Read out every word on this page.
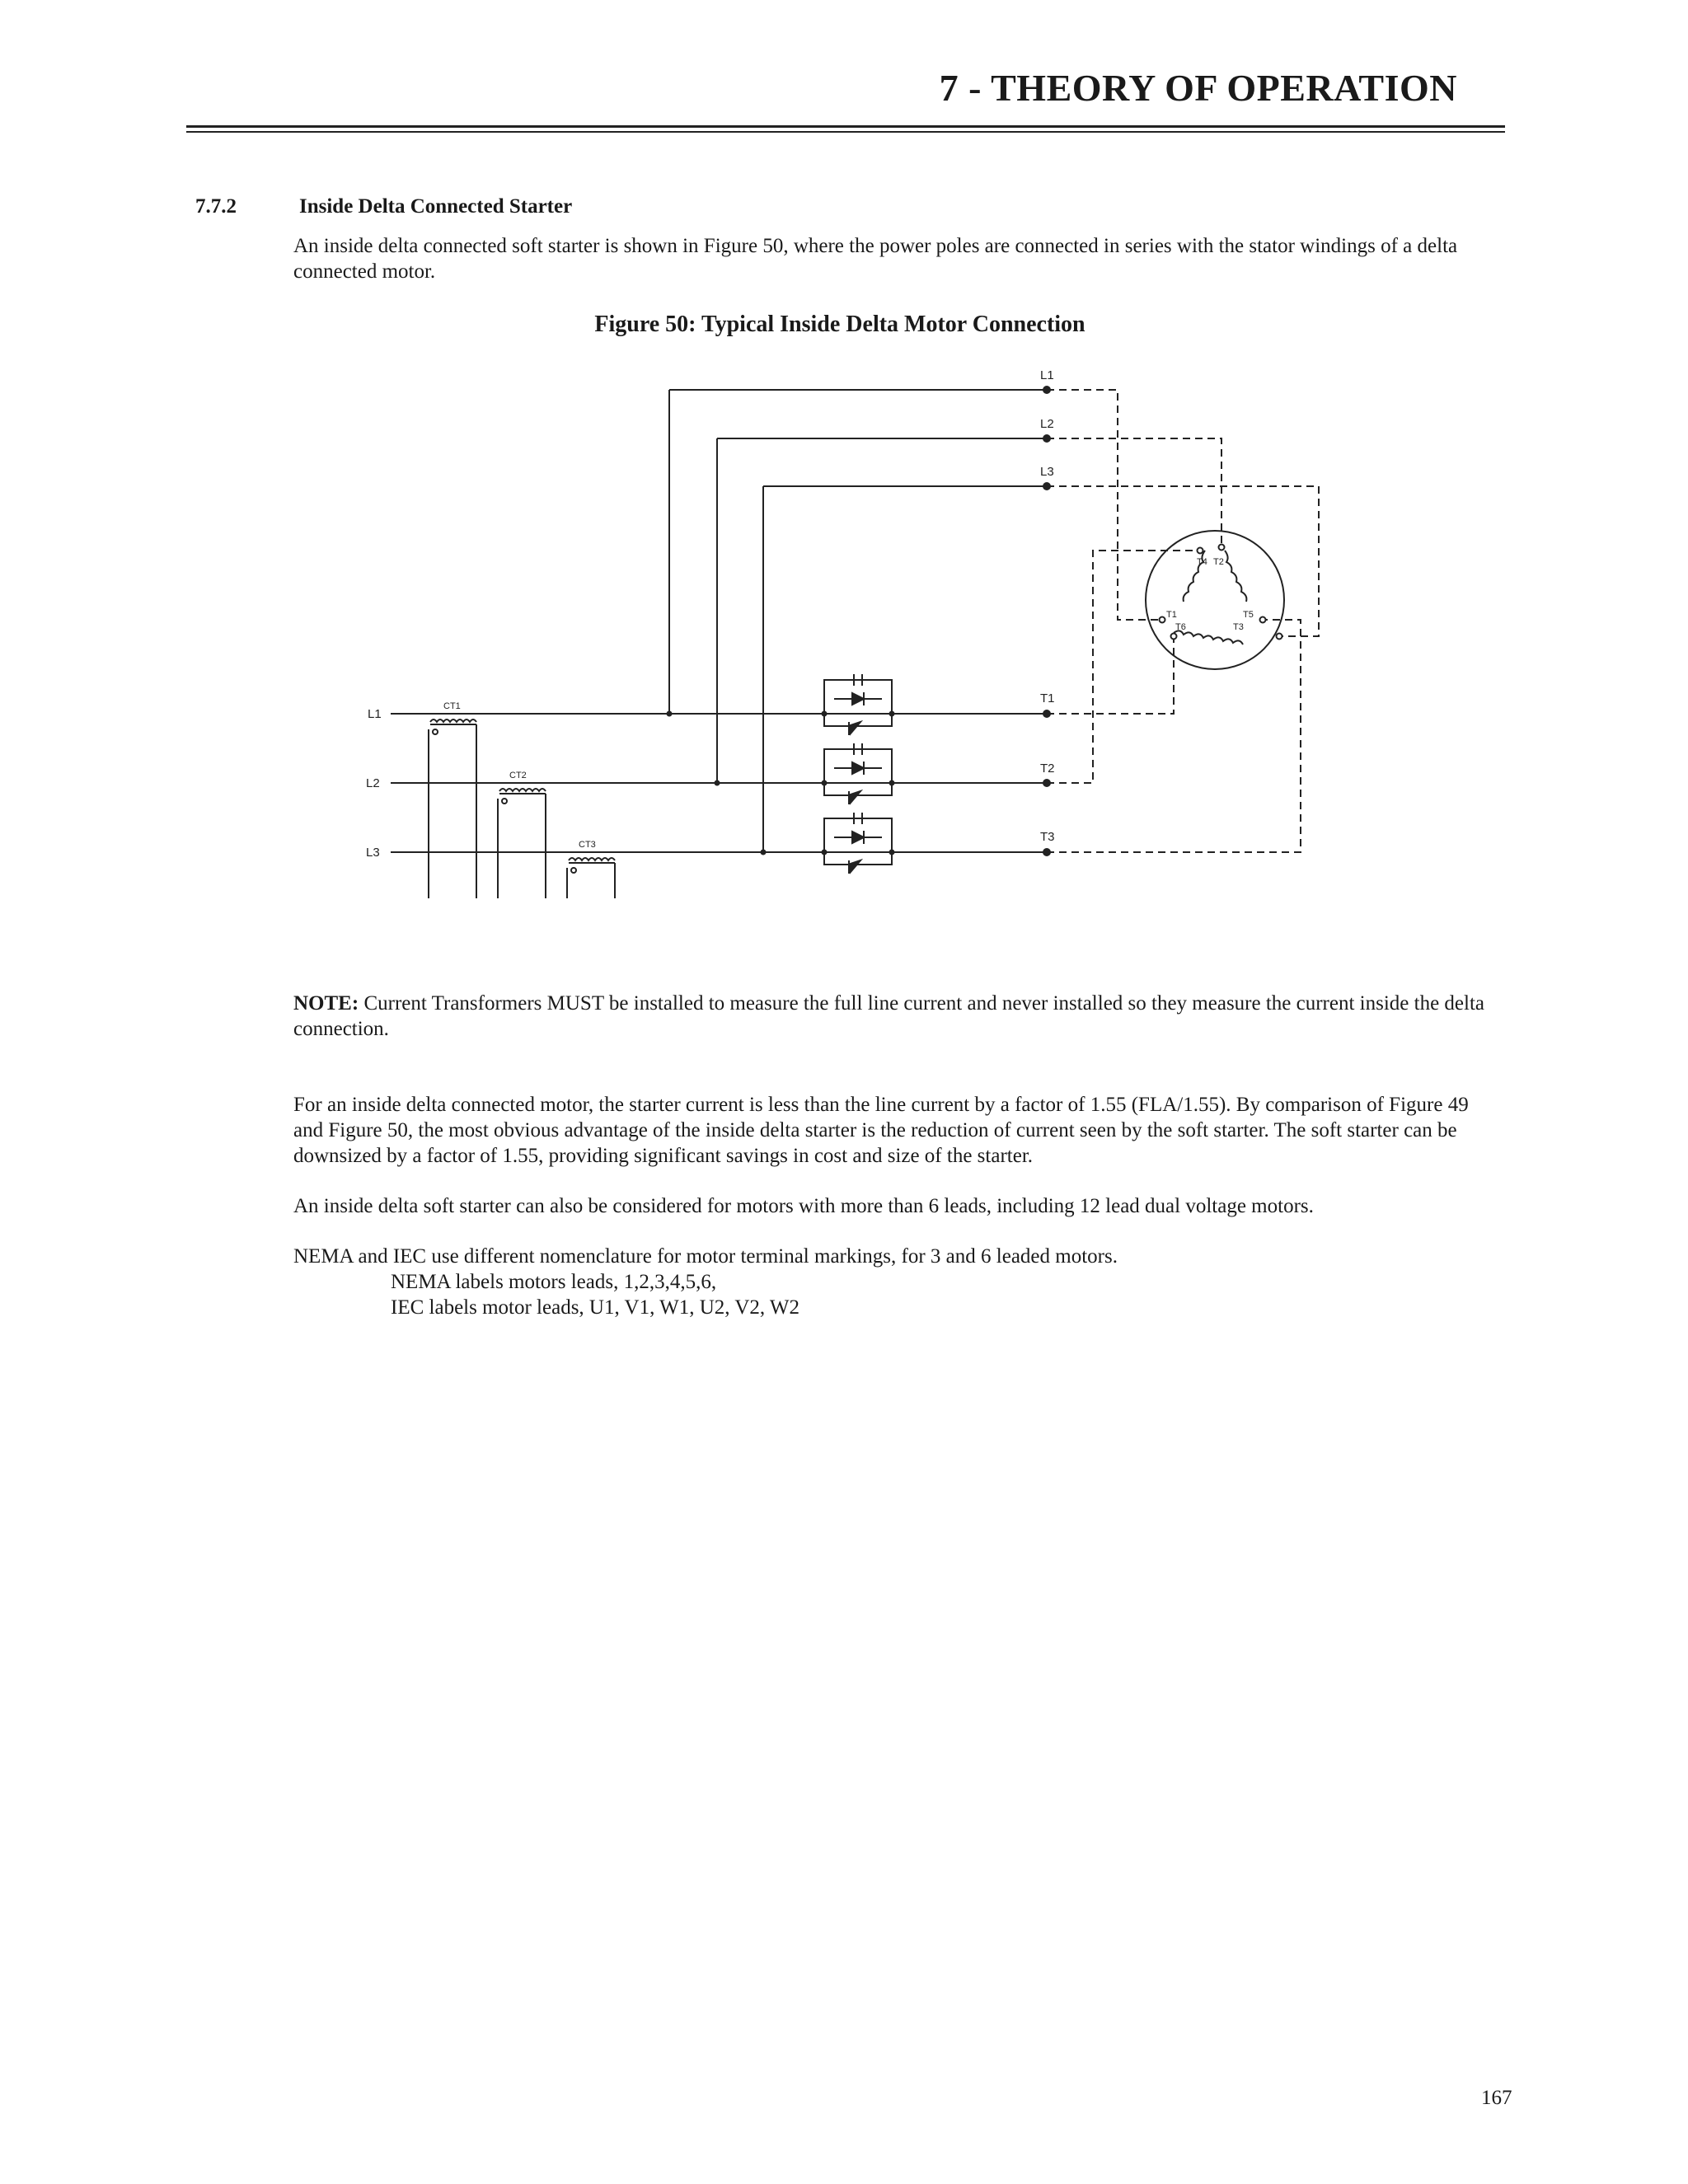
7 - THEORY OF OPERATION
7.7.2	Inside Delta Connected Starter

An inside delta connected soft starter is shown in Figure 50, where the power poles are connected in series with the stator windings of a delta connected motor.

Figure 50: Typical Inside Delta Motor Connection

L1
L2
L3
L1
L2
L3
T1
T2
T3
CT1
CT2
CT3
T4 T2
T1	T5
T6	T3

NOTE: Current Transformers MUST be installed to measure the full line current and never installed so they measure the current inside the delta connection.

For an inside delta connected motor, the starter current is less than the line current by a factor of 1.55 (FLA/1.55). By comparison of Figure 49 and Figure 50, the most obvious advantage of the inside delta starter is the reduction of current seen by the soft starter. The soft starter can be downsized by a factor of 1.55, providing significant savings in cost and size of the starter.

An inside delta soft starter can also be considered for motors with more than 6 leads, including 12 lead dual voltage motors.

NEMA and IEC use different nomenclature for motor terminal markings, for 3 and 6 leaded motors.
NEMA labels motors leads, 1,2,3,4,5,6,
IEC labels motor leads, U1, V1, W1, U2, V2, W2

167
